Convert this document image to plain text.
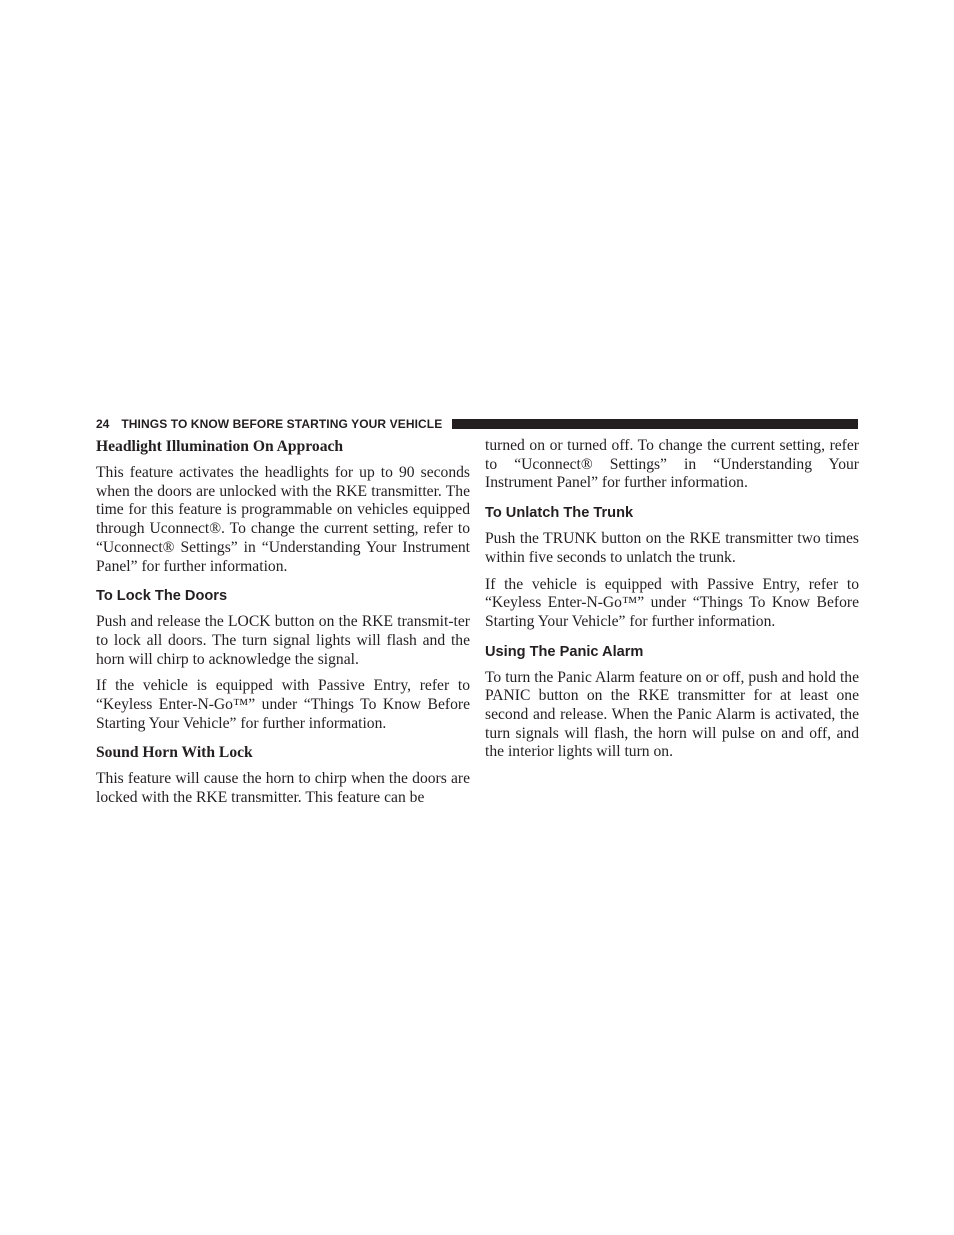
24 THINGS TO KNOW BEFORE STARTING YOUR VEHICLE
Headlight Illumination On Approach

This feature activates the headlights for up to 90 seconds when the doors are unlocked with the RKE transmitter. The time for this feature is programmable on vehicles equipped through Uconnect®. To change the current setting, refer to “Uconnect® Settings” in “Understanding Your Instrument Panel” for further information.

To Lock The Doors

Push and release the LOCK button on the RKE transmit-ter to lock all doors. The turn signal lights will flash and the horn will chirp to acknowledge the signal.

If the vehicle is equipped with Passive Entry, refer to “Keyless Enter-N-Go™” under “Things To Know Before Starting Your Vehicle” for further information.

Sound Horn With Lock

This feature will cause the horn to chirp when the doors are locked with the RKE transmitter. This feature can be

turned on or turned off. To change the current setting, refer to “Uconnect® Settings” in “Understanding Your Instrument Panel” for further information.

To Unlatch The Trunk

Push the TRUNK button on the RKE transmitter two times within five seconds to unlatch the trunk.

If the vehicle is equipped with Passive Entry, refer to “Keyless Enter-N-Go™” under “Things To Know Before Starting Your Vehicle” for further information.

Using The Panic Alarm

To turn the Panic Alarm feature on or off, push and hold the PANIC button on the RKE transmitter for at least one second and release. When the Panic Alarm is activated, the turn signals will flash, the horn will pulse on and off, and the interior lights will turn on.
